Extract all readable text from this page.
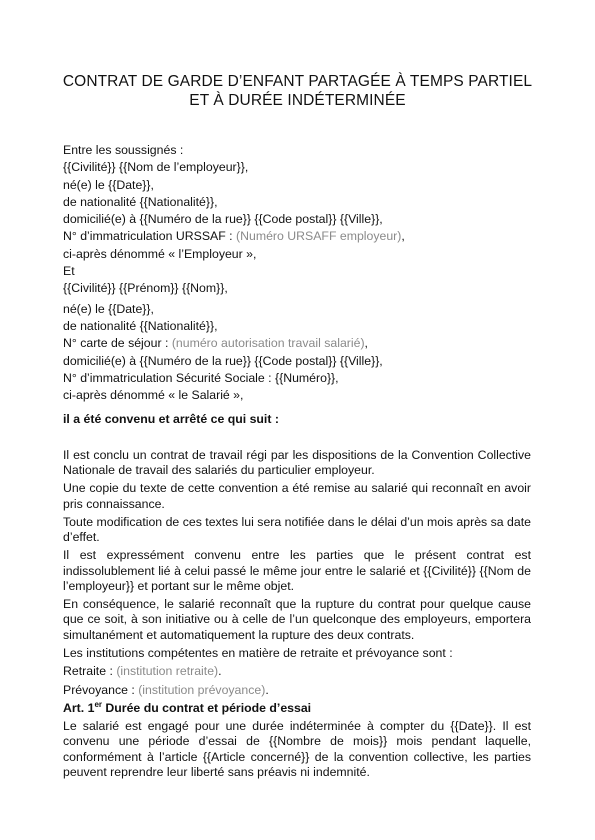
CONTRAT DE GARDE D’ENFANT PARTAGÉE À TEMPS PARTIEL
ET À DURÉE INDÉTERMINÉE
Entre les soussignés :
{{Civilité}} {{Nom de l’employeur}},
né(e) le {{Date}},
de nationalité {{Nationalité}},
domicilié(e) à {{Numéro de la rue}} {{Code postal}} {{Ville}},
N° d’immatriculation URSSAF : (Numéro URSAFF employeur),
ci-après dénommé « l’Employeur »,
Et
{{Civilité}} {{Prénom}} {{Nom}},
né(e) le {{Date}},
de nationalité {{Nationalité}},
N° carte de séjour : (numéro autorisation travail salarié),
domicilié(e) à {{Numéro de la rue}} {{Code postal}} {{Ville}},
N° d’immatriculation Sécurité Sociale : {{Numéro}},
ci-après dénommé « le Salarié »,
il a été convenu et arrêté ce qui suit :

Il est conclu un contrat de travail régi par les dispositions de la Convention Collective Nationale de travail des salariés du particulier employeur.

Une copie du texte de cette convention a été remise au salarié qui reconnaît en avoir pris connaissance.

Toute modification de ces textes lui sera notifiée dans le délai d’un mois après sa date d’effet.

Il est expressément convenu entre les parties que le présent contrat est indissolublement lié à celui passé le même jour entre le salarié et {{Civilité}} {{Nom de l’employeur}} et portant sur le même objet.

En conséquence, le salarié reconnaît que la rupture du contrat pour quelque cause que ce soit, à son initiative ou à celle de l’un quelconque des employeurs, emportera simultanément et automatiquement la rupture des deux contrats.

Les institutions compétentes en matière de retraite et prévoyance sont :

Retraite : (institution retraite).

Prévoyance : (institution prévoyance).

Art. 1er Durée du contrat et période d’essai

Le salarié est engagé pour une durée indéterminée à compter du {{Date}}. Il est convenu une période d’essai de {{Nombre de mois}} mois pendant laquelle, conformément à l’article {{Article concerné}} de la convention collective, les parties peuvent reprendre leur liberté sans préavis ni indemnité.
